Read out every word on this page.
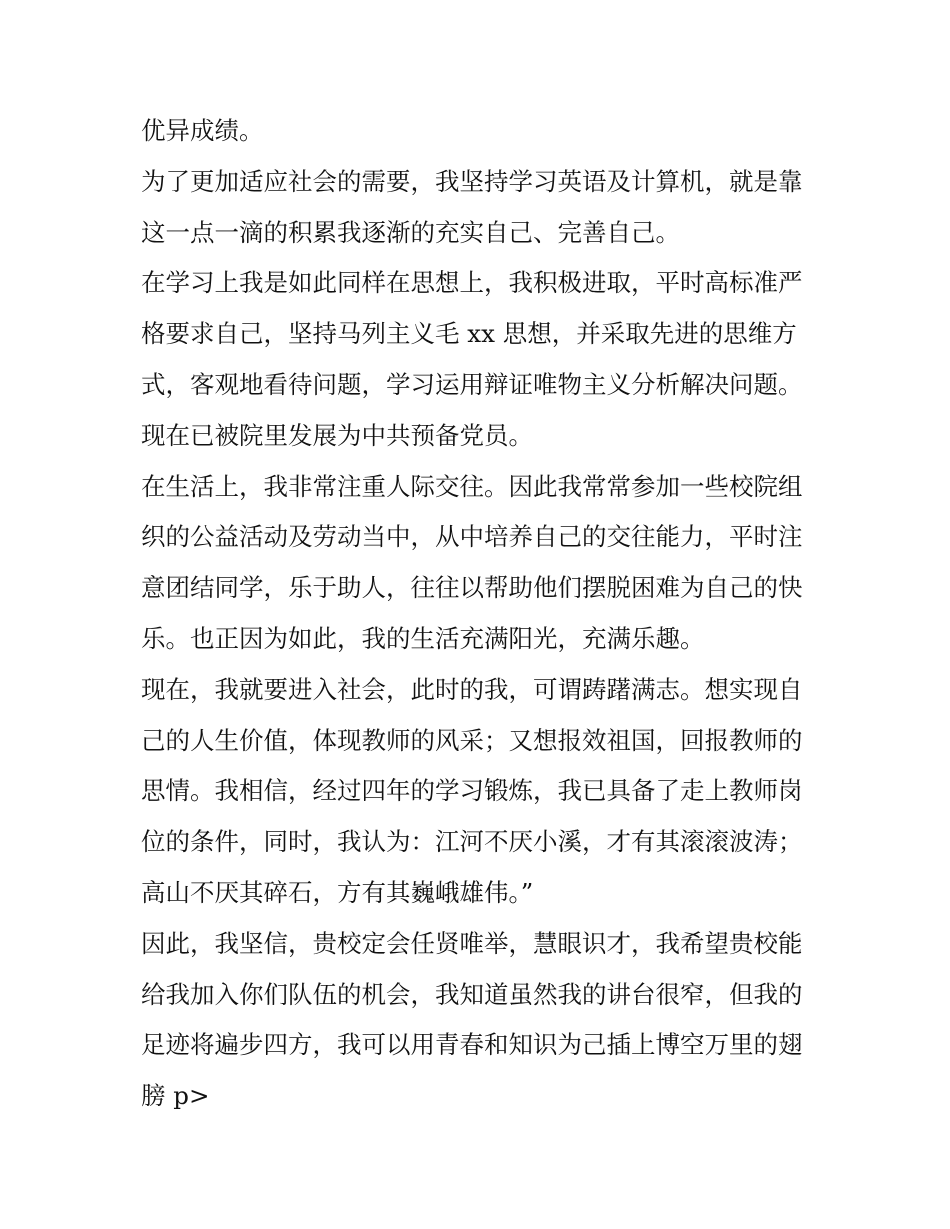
优异成绩。
为了更加适应社会的需要，我坚持学习英语及计算机，就是靠
这一点一滴的积累我逐渐的充实自己、完善自己。
在学习上我是如此同样在思想上，我积极进取，平时高标准严
格要求自己，坚持马列主义毛 xx 思想，并采取先进的思维方
式，客观地看待问题，学习运用辩证唯物主义分析解决问题。
现在已被院里发展为中共预备党员。
在生活上，我非常注重人际交往。因此我常常参加一些校院组
织的公益活动及劳动当中，从中培养自己的交往能力，平时注
意团结同学，乐于助人，往往以帮助他们摆脱困难为自己的快
乐。也正因为如此，我的生活充满阳光，充满乐趣。
现在，我就要进入社会，此时的我，可谓踌躇满志。想实现自
己的人生价值，体现教师的风采；又想报效祖国，回报教师的
思情。我相信，经过四年的学习锻炼，我已具备了走上教师岗
位的条件，同时，我认为：江河不厌小溪，才有其滚滚波涛；
高山不厌其碎石，方有其巍峨雄伟。”
因此，我坚信，贵校定会任贤唯举，慧眼识才，我希望贵校能
给我加入你们队伍的机会，我知道虽然我的讲台很窄，但我的
足迹将遍步四方，我可以用青春和知识为己插上博空万里的翅
膀 p>
